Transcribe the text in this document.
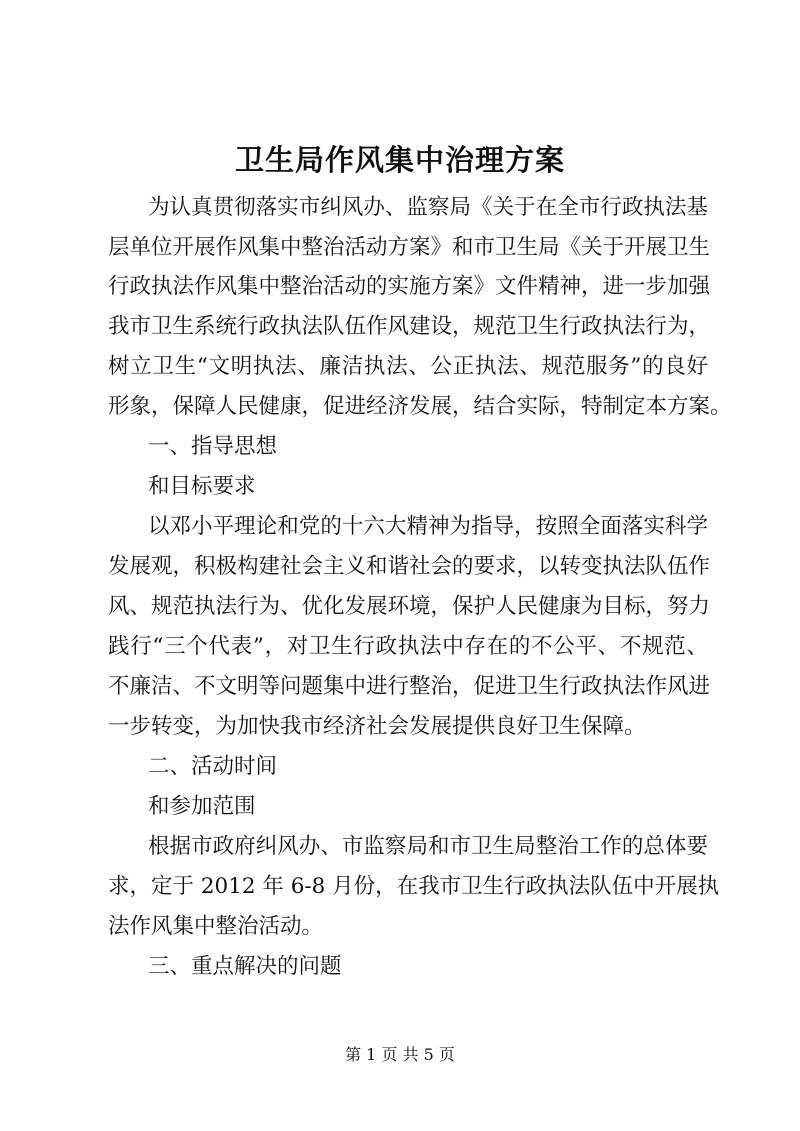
卫生局作风集中治理方案
为认真贯彻落实市纠风办、监察局《关于在全市行政执法基
层单位开展作风集中整治活动方案》和市卫生局《关于开展卫生
行政执法作风集中整治活动的实施方案》文件精神，进一步加强
我市卫生系统行政执法队伍作风建设，规范卫生行政执法行为，
树立卫生“文明执法、廉洁执法、公正执法、规范服务”的良好
形象，保障人民健康，促进经济发展，结合实际，特制定本方案。
一、指导思想
和目标要求
以邓小平理论和党的十六大精神为指导，按照全面落实科学
发展观，积极构建社会主义和谐社会的要求，以转变执法队伍作
风、规范执法行为、优化发展环境，保护人民健康为目标，努力
践行“三个代表”，对卫生行政执法中存在的不公平、不规范、
不廉洁、不文明等问题集中进行整治，促进卫生行政执法作风进
一步转变，为加快我市经济社会发展提供良好卫生保障。
二、活动时间
和参加范围
根据市政府纠风办、市监察局和市卫生局整治工作的总体要
求，定于 2012 年 6-8 月份，在我市卫生行政执法队伍中开展执
法作风集中整治活动。
三、重点解决的问题
第 1 页 共 5 页
